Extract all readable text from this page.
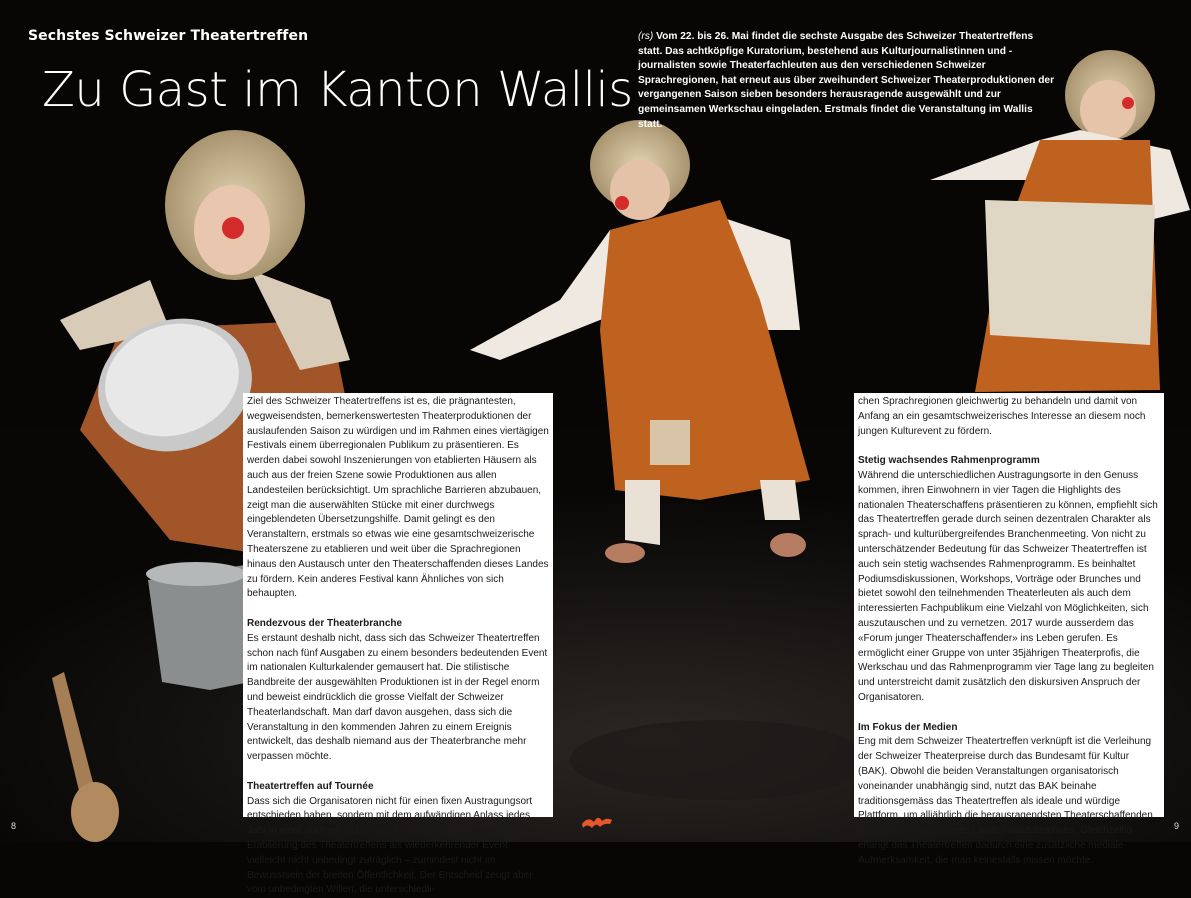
Sechstes Schweizer Theatertreffen
Zu Gast im Kanton Wallis
(rs) Vom 22. bis 26. Mai findet die sechste Ausgabe des Schweizer Theatertreffens statt. Das achtköpfige Kuratorium, bestehend aus Kulturjournalistinnen und -journalisten sowie Theaterfachleuten aus den verschiedenen Schweizer Sprachregionen, hat erneut aus über zweihundert Schweizer Theaterproduktionen der vergangenen Saison sieben besonders herausragende ausgewählt und zur gemeinsamen Werkschau eingeladen. Erstmals findet die Veranstaltung im Wallis statt.

Ziel des Schweizer Theatertreffens ist es, die prägnantesten, wegweisendsten, bemerkenswertesten Theaterproduktionen der auslaufenden Saison zu würdigen und im Rahmen eines viertägigen Festivals einem überregionalen Publikum zu präsentieren. Es werden dabei sowohl Inszenierungen von etablierten Häusern als auch aus der freien Szene sowie Produktionen aus allen Landesteilen berücksichtigt. Um sprachliche Barrieren abzubauen, zeigt man die auserwählten Stücke mit einer durchwegs eingeblendeten Übersetzungshilfe. Damit gelingt es den Veranstaltern, erstmals so etwas wie eine gesamtschweizerische Theaterszene zu etablieren und weit über die Sprachregionen hinaus den Austausch unter den Theaterschaffenden dieses Landes zu fördern. Kein anderes Festival kann Ähnliches von sich behaupten.

Rendezvous der Theaterbranche

Es erstaunt deshalb nicht, dass sich das Schweizer Theatertreffen schon nach fünf Ausgaben zu einem besonders bedeutenden Event im nationalen Kulturkalender gemausert hat. Die stilistische Bandbreite der ausgewählten Produktionen ist in der Regel enorm und beweist eindrücklich die grosse Vielfalt der Schweizer Theaterlandschaft. Man darf davon ausgehen, dass sich die Veranstaltung in den kommenden Jahren zu einem Ereignis entwickelt, das deshalb niemand aus der Theaterbranche mehr verpassen möchte.

Theatertreffen auf Tournée

Dass sich die Organisatoren nicht für einen fixen Austragungsort entschieden haben, sondern mit dem aufwändigen Anlass jedes Jahr in einer anderen Stadt oder Region zu Gast sind, ist der Etablierung des Theatertreffens als wiederkehrender Event vielleicht nicht unbedingt zuträglich – zumindest nicht im Bewusstsein der breiten Öffentlichkeit. Der Entscheid zeugt aber vom unbedingten Willen, die unterschiedli-

chen Sprachregionen gleichwertig zu behandeln und damit von Anfang an ein gesamtschweizerisches Interesse an diesem noch jungen Kulturevent zu fördern.

Stetig wachsendes Rahmenprogramm

Während die unterschiedlichen Austragungsorte in den Genuss kommen, ihren Einwohnern in vier Tagen die Highlights des nationalen Theaterschaffens präsentieren zu können, empfiehlt sich das Theatertreffen gerade durch seinen dezentralen Charakter als sprach- und kulturübergreifendes Branchenmeeting. Von nicht zu unterschätzender Bedeutung für das Schweizer Theatertreffen ist auch sein stetig wachsendes Rahmenprogramm. Es beinhaltet Podiumsdiskussionen, Workshops, Vorträge oder Brunches und bietet sowohl den teilnehmenden Theaterleuten als auch dem interessierten Fachpublikum eine Vielzahl von Möglichkeiten, sich auszutauschen und zu vernetzen. 2017 wurde ausserdem das «Forum junger Theaterschaffender» ins Leben gerufen. Es ermöglicht einer Gruppe von unter 35jährigen Theaterprofis, die Werkschau und das Rahmenprogramm vier Tage lang zu begleiten und unterstreicht damit zusätzlich den diskursiven Anspruch der Organisatoren.

Im Fokus der Medien

Eng mit dem Schweizer Theatertreffen verknüpft ist die Verleihung der Schweizer Theaterpreise durch das Bundesamt für Kultur (BAK). Obwohl die beiden Veranstaltungen organisatorisch voneinander unabhängig sind, nutzt das BAK beinahe traditionsgemäss das Theatertreffen als ideale und würdige Plattform, um alljährlich die herausragendsten Theaterschaffenden und Institutionen unseres Landes auszuzeichnen. Gleichzeitig erlangt das Theatertreffen dadurch eine zusätzliche mediale Aufmerksamkeit, die man keinesfalls missen möchte.

8	9
